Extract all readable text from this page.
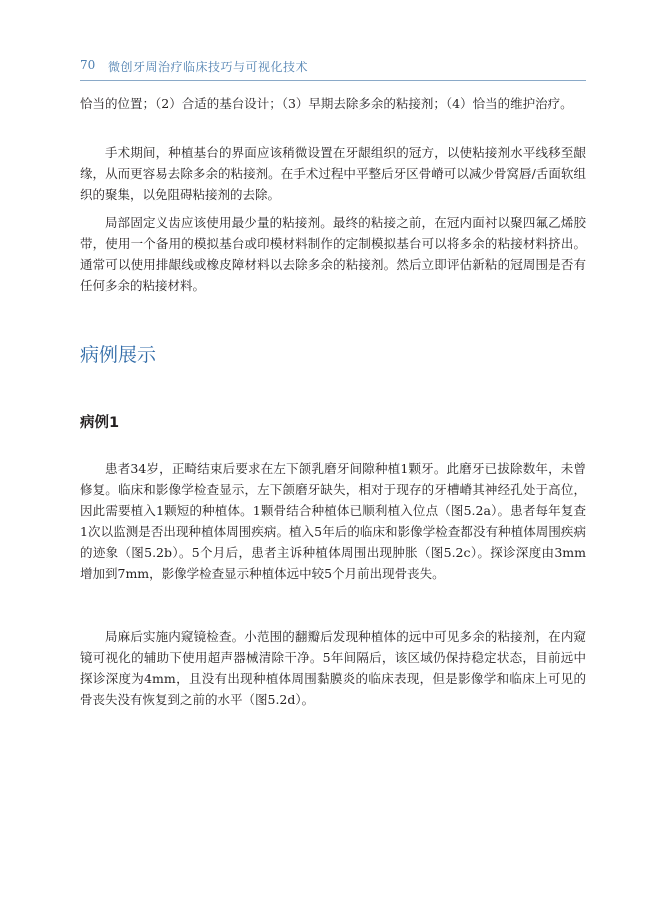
70 微创牙周治疗临床技巧与可视化技术

恰当的位置；（2）合适的基台设计；（3）早期去除多余的粘接剂；（4）恰当的维护治疗。

手术期间，种植基台的界面应该稍微设置在牙龈组织的冠方，以使粘接剂水平线移至龈缘，从而更容易去除多余的粘接剂。在手术过程中平整后牙区骨嵴可以减少骨窝唇/舌面软组织的聚集，以免阻碍粘接剂的去除。

局部固定义齿应该使用最少量的粘接剂。最终的粘接之前，在冠内面衬以聚四氟乙烯胶带，使用一个备用的模拟基台或印模材料制作的定制模拟基台可以将多余的粘接材料挤出。通常可以使用排龈线或橡皮障材料以去除多余的粘接剂。然后立即评估新粘的冠周围是否有任何多余的粘接材料。

病例展示
病例1

患者34岁，正畸结束后要求在左下颌乳磨牙间隙种植1颗牙。此磨牙已拔除数年，未曾修复。临床和影像学检查显示，左下颌磨牙缺失，相对于现存的牙槽嵴其神经孔处于高位，因此需要植入1颗短的种植体。1颗骨结合种植体已顺利植入位点（图5.2a）。患者每年复查1次以监测是否出现种植体周围疾病。植入5年后的临床和影像学检查都没有种植体周围疾病的迹象（图5.2b）。5个月后，患者主诉种植体周围出现肿胀（图5.2c）。探诊深度由3mm增加到7mm，影像学检查显示种植体远中较5个月前出现骨丧失。

局麻后实施内窥镜检查。小范围的翻瓣后发现种植体的远中可见多余的粘接剂，在内窥镜可视化的辅助下使用超声器械清除干净。5年间隔后，该区域仍保持稳定状态，目前远中探诊深度为4mm，且没有出现种植体周围黏膜炎的临床表现，但是影像学和临床上可见的骨丧失没有恢复到之前的水平（图5.2d）。
